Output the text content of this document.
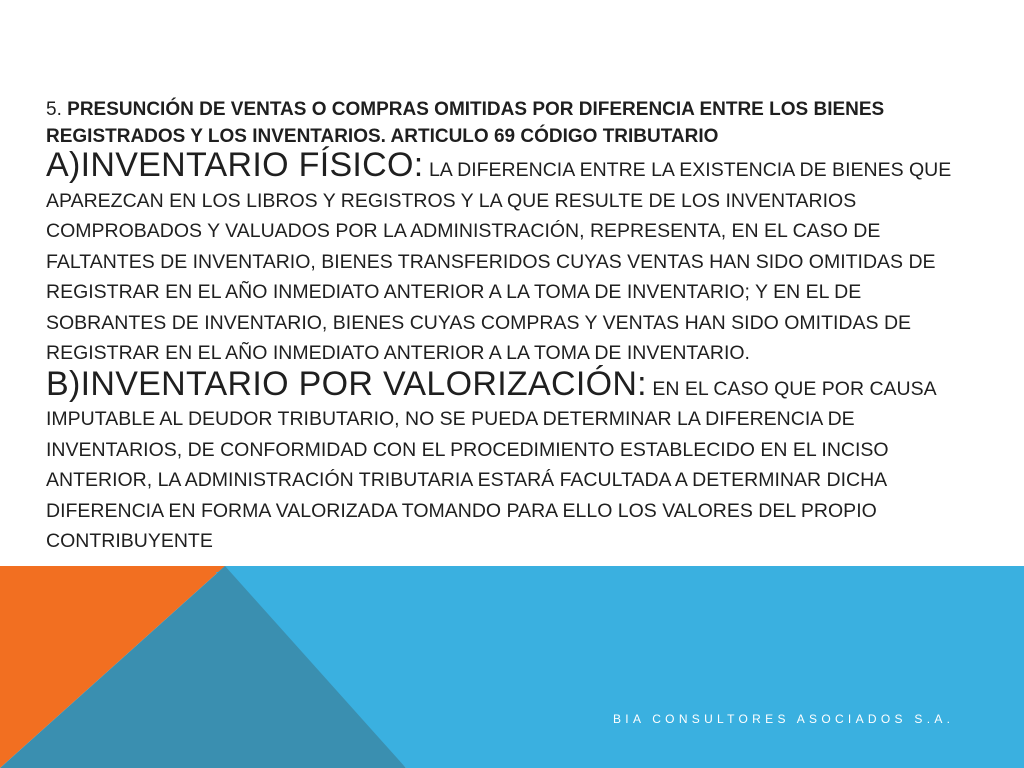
5. PRESUNCIÓN DE VENTAS O COMPRAS OMITIDAS POR DIFERENCIA ENTRE LOS BIENES REGISTRADOS Y LOS INVENTARIOS. ARTICULO 69 CÓDIGO TRIBUTARIO

A)INVENTARIO FÍSICO: LA DIFERENCIA ENTRE LA EXISTENCIA DE BIENES QUE APAREZCAN EN LOS LIBROS Y REGISTROS Y LA QUE RESULTE DE LOS INVENTARIOS COMPROBADOS Y VALUADOS POR LA ADMINISTRACIÓN, REPRESENTA, EN EL CASO DE FALTANTES DE INVENTARIO, BIENES TRANSFERIDOS CUYAS VENTAS HAN SIDO OMITIDAS DE REGISTRAR EN EL AÑO INMEDIATO ANTERIOR A LA TOMA DE INVENTARIO; Y EN EL DE SOBRANTES DE INVENTARIO, BIENES CUYAS COMPRAS Y VENTAS HAN SIDO OMITIDAS DE REGISTRAR EN EL AÑO INMEDIATO ANTERIOR A LA TOMA DE INVENTARIO.

B)INVENTARIO POR VALORIZACIÓN: EN EL CASO QUE POR CAUSA IMPUTABLE AL DEUDOR TRIBUTARIO, NO SE PUEDA DETERMINAR LA DIFERENCIA DE INVENTARIOS, DE CONFORMIDAD CON EL PROCEDIMIENTO ESTABLECIDO EN EL INCISO ANTERIOR, LA ADMINISTRACIÓN TRIBUTARIA ESTARÁ FACULTADA A DETERMINAR DICHA DIFERENCIA EN FORMA VALORIZADA TOMANDO PARA ELLO LOS VALORES DEL PROPIO CONTRIBUYENTE

BIA CONSULTORES ASOCIADOS S.A.
